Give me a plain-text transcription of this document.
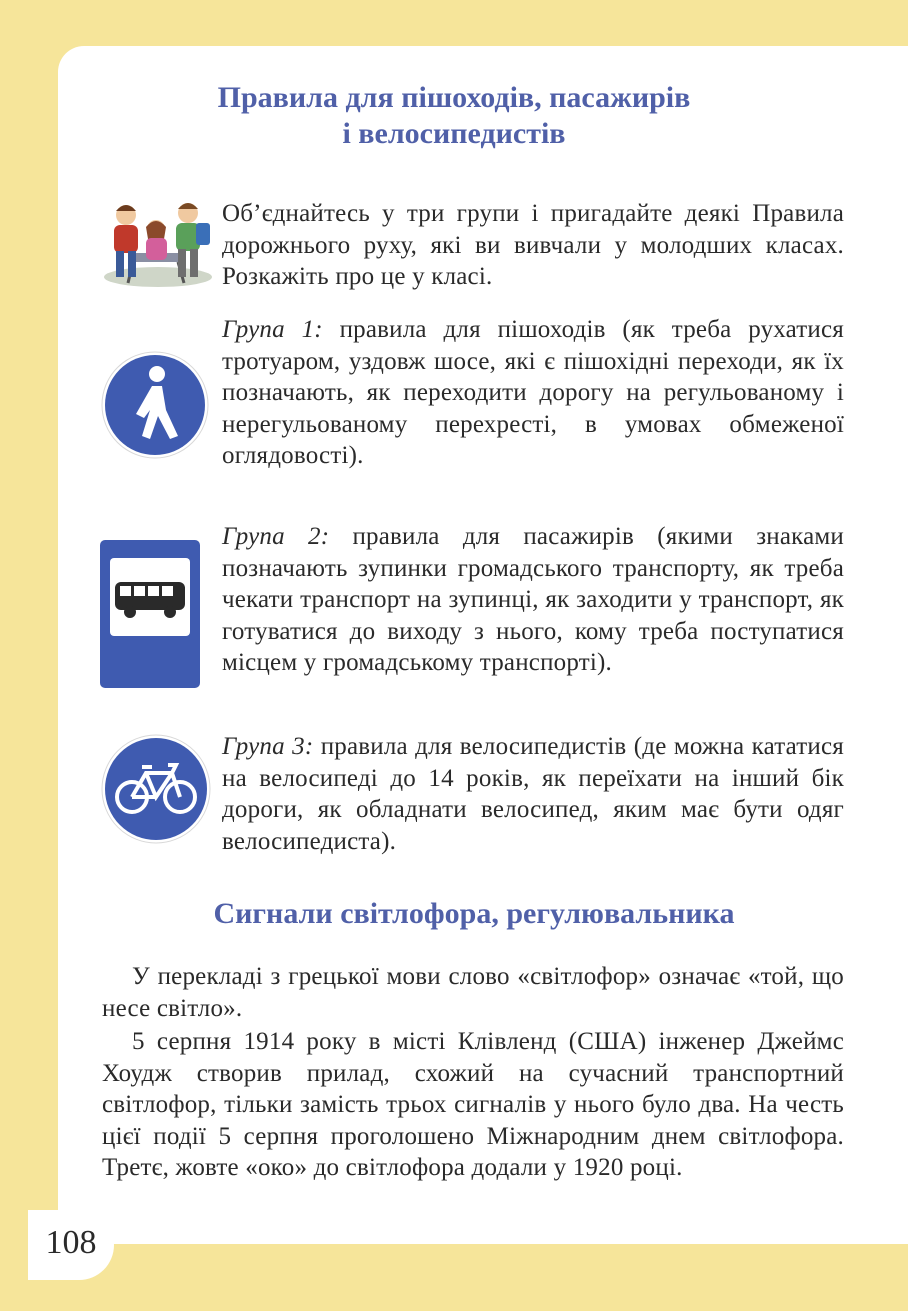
Правила для пішоходів, пасажирів
і велосипедистів
Об’єднайтесь у три групи і пригадайте деякі Правила дорожнього руху, які ви вивчали у молодших класах. Розкажіть про це у класі.
Група 1: правила для пішоходів (як треба рухатися тротуаром, уздовж шосе, які є пішохідні переходи, як їх позначають, як переходити дорогу на регульованому і нерегульованому перехресті, в умовах обмеженої оглядовості).
Група 2: правила для пасажирів (якими знаками позначають зупинки громадського транспорту, як треба чекати транспорт на зупинці, як заходити у транспорт, як готуватися до виходу з нього, кому треба поступатися місцем у громадському транспорті).
Група 3: правила для велосипедистів (де можна кататися на велосипеді до 14 років, як переїхати на інший бік дороги, як обладнати велосипед, яким має бути одяг велосипедиста).
Сигнали світлофора, регулювальника
У перекладі з грецької мови слово «світлофор» означає «той, що несе світло».
5 серпня 1914 року в місті Клівленд (США) інженер Джеймс Хоудж створив прилад, схожий на сучасний транспортний світлофор, тільки замість трьох сигналів у нього було два. На честь цієї події 5 серпня проголошено Міжнародним днем світлофора. Третє, жовте «око» до світлофора додали у 1920 році.
108
